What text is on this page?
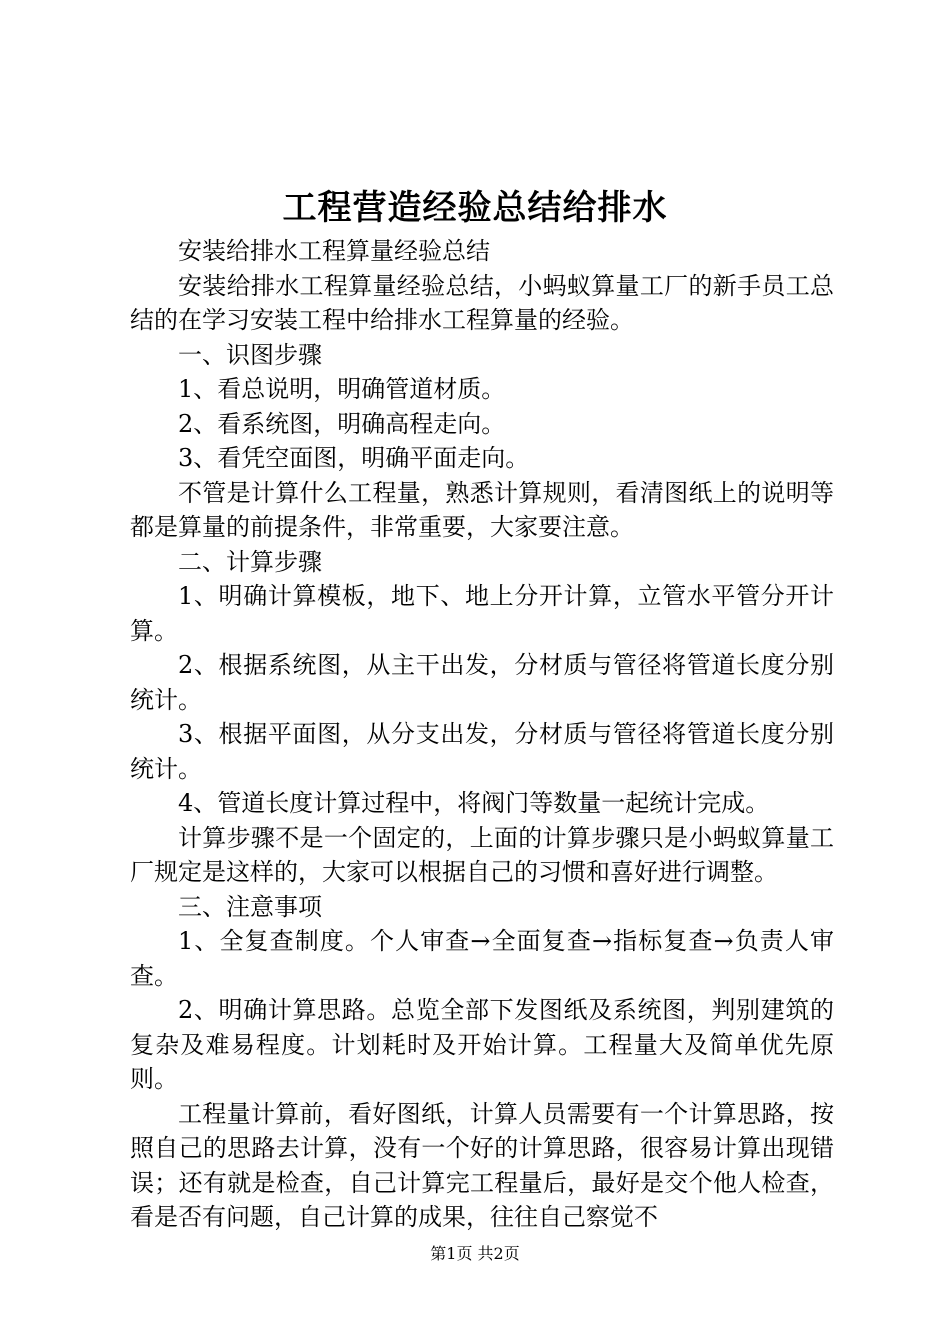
工程营造经验总结给排水

安装给排水工程算量经验总结

安装给排水工程算量经验总结，小蚂蚁算量工厂的新手员工总结的在学习安装工程中给排水工程算量的经验。

一、识图步骤

1、看总说明，明确管道材质。

2、看系统图，明确高程走向。

3、看凭空面图，明确平面走向。

不管是计算什么工程量，熟悉计算规则，看清图纸上的说明等都是算量的前提条件，非常重要，大家要注意。

二、计算步骤

1、明确计算模板，地下、地上分开计算，立管水平管分开计算。

2、根据系统图，从主干出发，分材质与管径将管道长度分别统计。

3、根据平面图，从分支出发，分材质与管径将管道长度分别统计。

4、管道长度计算过程中，将阀门等数量一起统计完成。

计算步骤不是一个固定的，上面的计算步骤只是小蚂蚁算量工厂规定是这样的，大家可以根据自己的习惯和喜好进行调整。

三、注意事项

1、全复查制度。个人审查→全面复查→指标复查→负责人审查。

2、明确计算思路。总览全部下发图纸及系统图，判别建筑的复杂及难易程度。计划耗时及开始计算。工程量大及简单优先原则。

工程量计算前，看好图纸，计算人员需要有一个计算思路，按照自己的思路去计算，没有一个好的计算思路，很容易计算出现错误；还有就是检查，自己计算完工程量后，最好是交个他人检查，看是否有问题，自己计算的成果，往往自己察觉不

第1页 共2页
